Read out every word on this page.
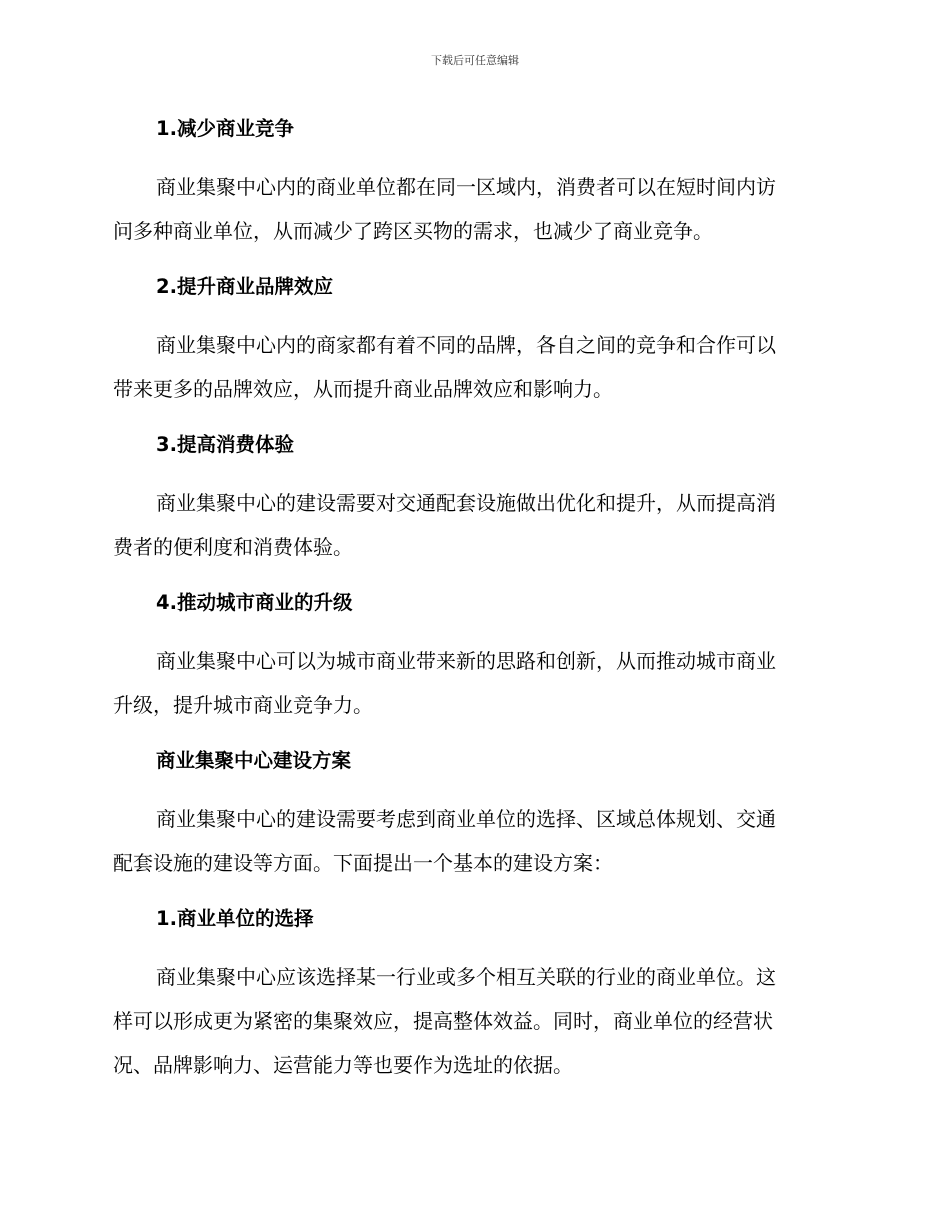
下载后可任意编辑
1.减少商业竞争
商业集聚中心内的商业单位都在同一区域内，消费者可以在短时间内访
问多种商业单位，从而减少了跨区买物的需求，也减少了商业竞争。
2.提升商业品牌效应
商业集聚中心内的商家都有着不同的品牌，各自之间的竞争和合作可以
带来更多的品牌效应，从而提升商业品牌效应和影响力。
3.提高消费体验
商业集聚中心的建设需要对交通配套设施做出优化和提升，从而提高消
费者的便利度和消费体验。
4.推动城市商业的升级
商业集聚中心可以为城市商业带来新的思路和创新，从而推动城市商业
升级，提升城市商业竞争力。
商业集聚中心建设方案
商业集聚中心的建设需要考虑到商业单位的选择、区域总体规划、交通
配套设施的建设等方面。下面提出一个基本的建设方案：
1.商业单位的选择
商业集聚中心应该选择某一行业或多个相互关联的行业的商业单位。这
样可以形成更为紧密的集聚效应，提高整体效益。同时，商业单位的经营状
况、品牌影响力、运营能力等也要作为选址的依据。
